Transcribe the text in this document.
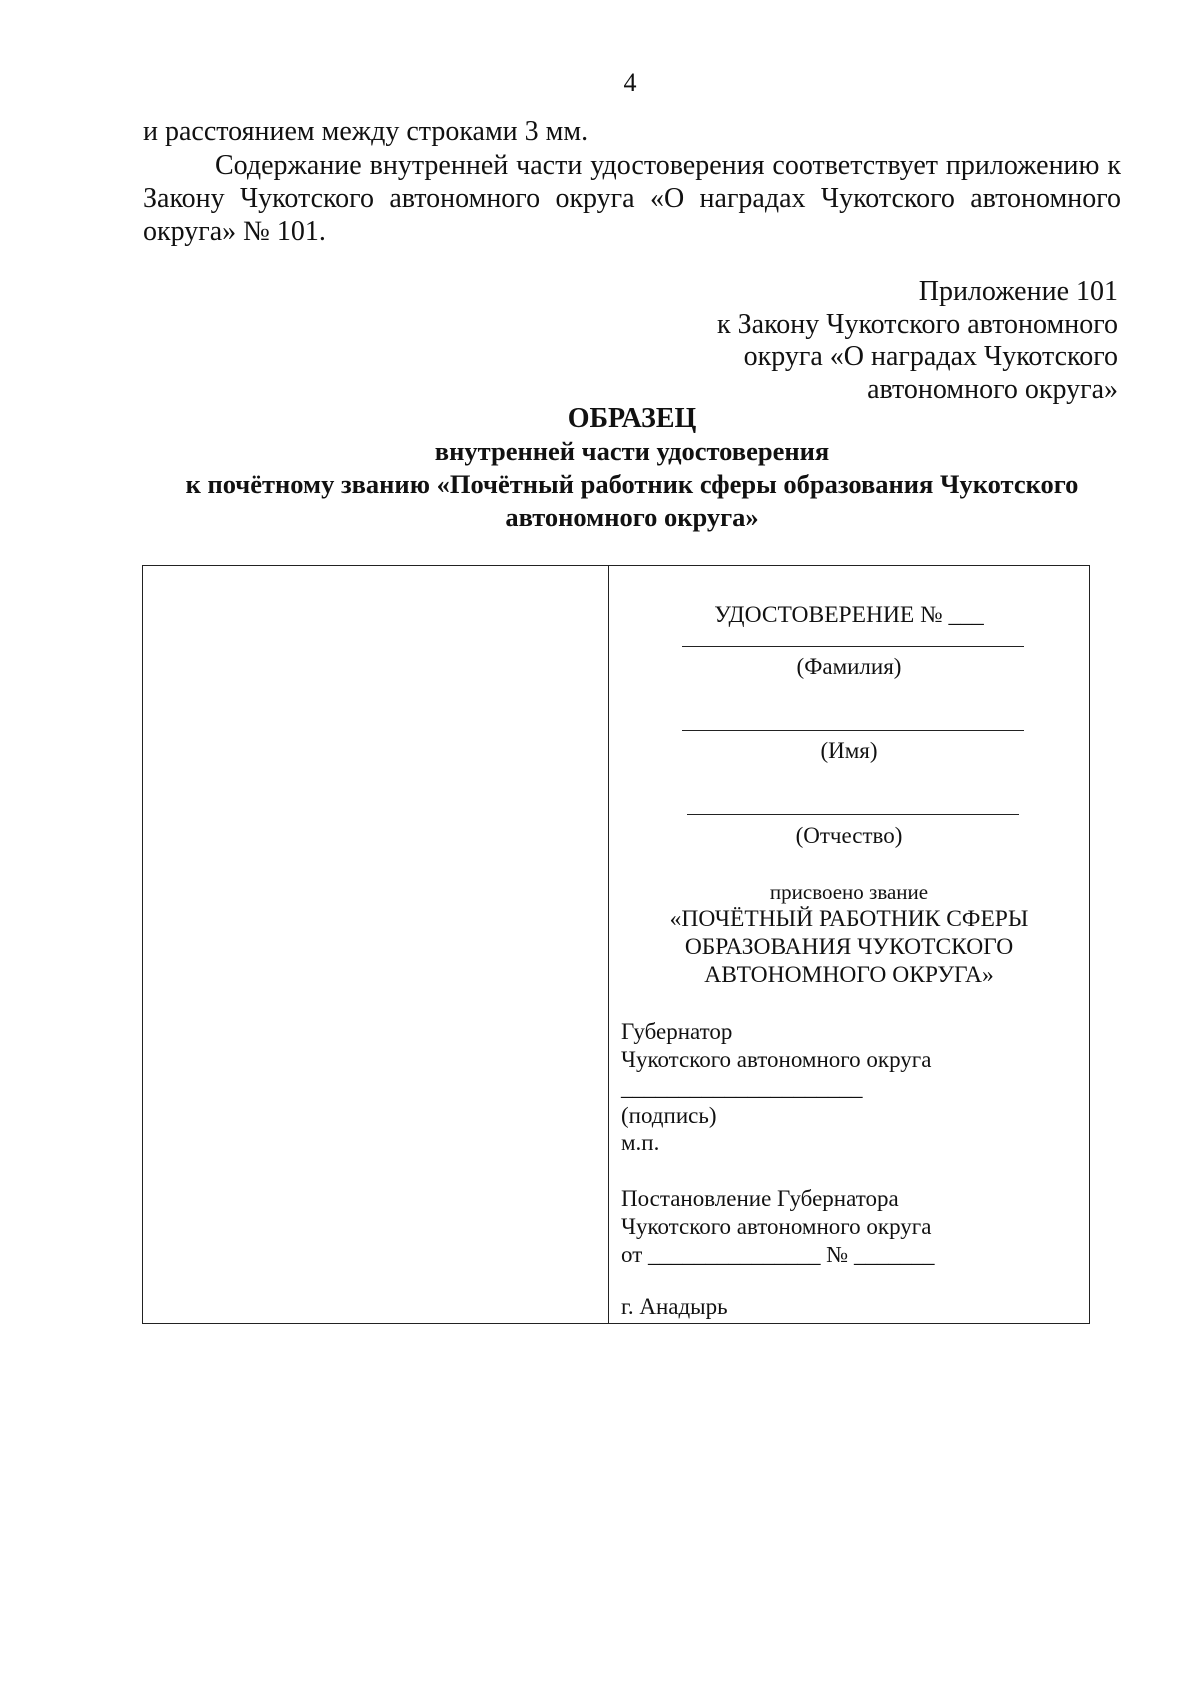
4

и расстоянием между строками 3 мм.

Содержание внутренней части удостоверения соответствует приложению к Закону Чукотского автономного округа «О наградах Чукотского автономного округа» № 101.

Приложение 101
к Закону Чукотского автономного
округа «О наградах Чукотского
автономного округа»
ОБРАЗЕЦ
внутренней части удостоверения
к почётному званию «Почётный работник сферы образования Чукотского
автономного округа»
УДОСТОВЕРЕНИЕ № ___
(Фамилия)
(Имя)
(Отчество)
присвоено звание
«ПОЧЁТНЫЙ РАБОТНИК СФЕРЫ
ОБРАЗОВАНИЯ ЧУКОТСКОГО
АВТОНОМНОГО ОКРУГА»
Губернатор
Чукотского автономного округа
_____________________
(подпись)
м.п.
Постановление Губернатора
Чукотского автономного округа
от _______________ № _______
г. Анадырь
